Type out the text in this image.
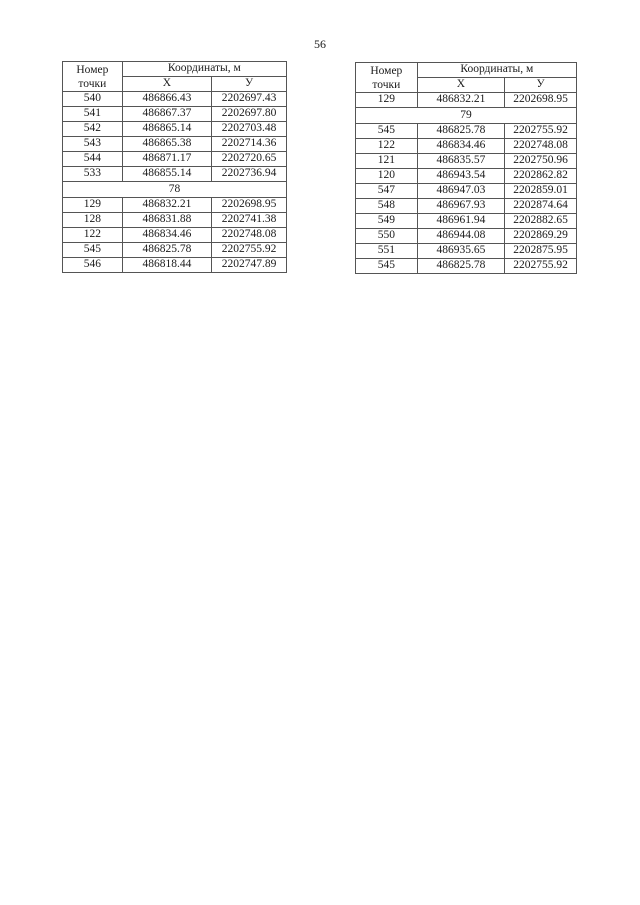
56
Номер
точки	Координаты, м	
	X	У
540	486866.43	2202697.43
541	486867.37	2202697.80
542	486865.14	2202703.48
543	486865.38	2202714.36
544	486871.17	2202720.65
533	486855.14	2202736.94
78		
129	486832.21	2202698.95
128	486831.88	2202741.38
122	486834.46	2202748.08
545	486825.78	2202755.92
546	486818.44	2202747.89
Номер
точки	Координаты, м	
	X	У
129	486832.21	2202698.95
79		
545	486825.78	2202755.92
122	486834.46	2202748.08
121	486835.57	2202750.96
120	486943.54	2202862.82
547	486947.03	2202859.01
548	486967.93	2202874.64
549	486961.94	2202882.65
550	486944.08	2202869.29
551	486935.65	2202875.95
545	486825.78	2202755.92
